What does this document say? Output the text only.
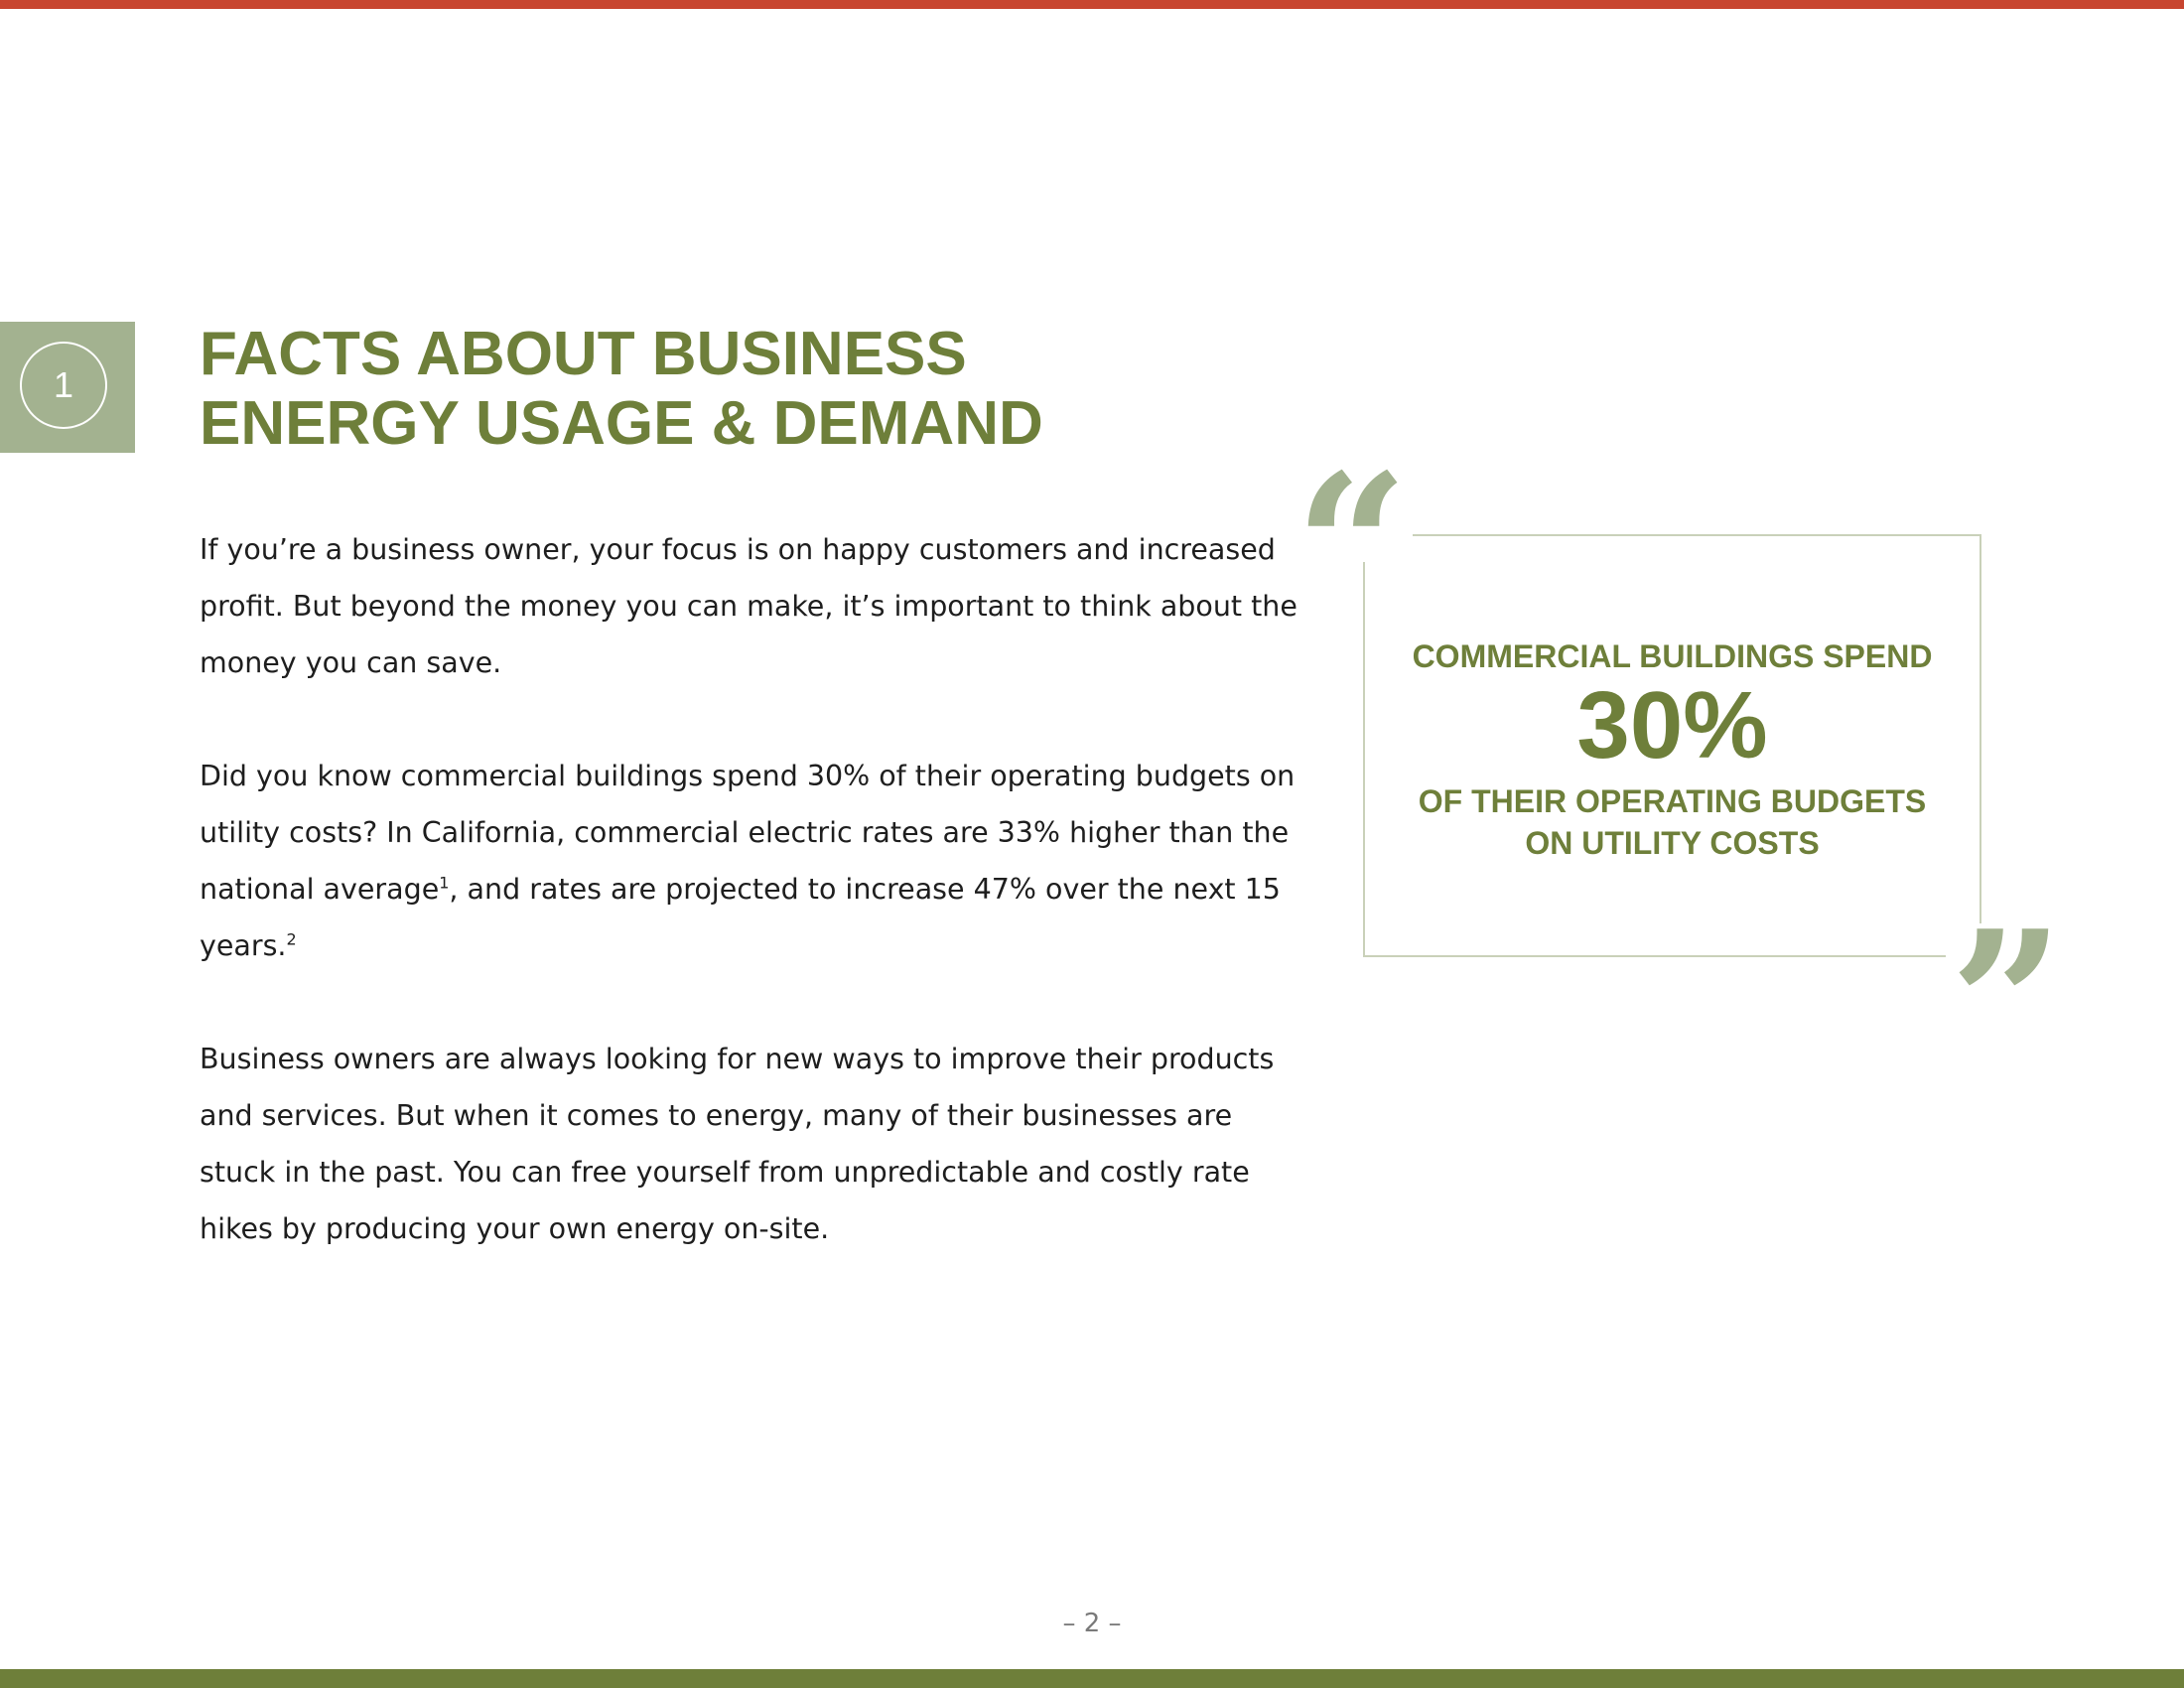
1	FACTS ABOUT BUSINESS
ENERGY USAGE & DEMAND

If you’re a business owner, your focus is on happy customers and increased profit. But beyond the money you can make, it’s important to think about the money you can save.

Did you know commercial buildings spend 30% of their operating budgets on utility costs? In California, commercial electric rates are 33% higher than the national average$^1$, and rates are projected to increase 47% over the next 15 years.$^2$

Business owners are always looking for new ways to improve their products and services. But when it comes to energy, many of their businesses are stuck in the past. You can free yourself from unpredictable and costly rate hikes by producing your own energy on-site.

“
”
COMMERCIAL BUILDINGS SPEND
30%
OF THEIR OPERATING BUDGETS
ON UTILITY COSTS
– 2 –
